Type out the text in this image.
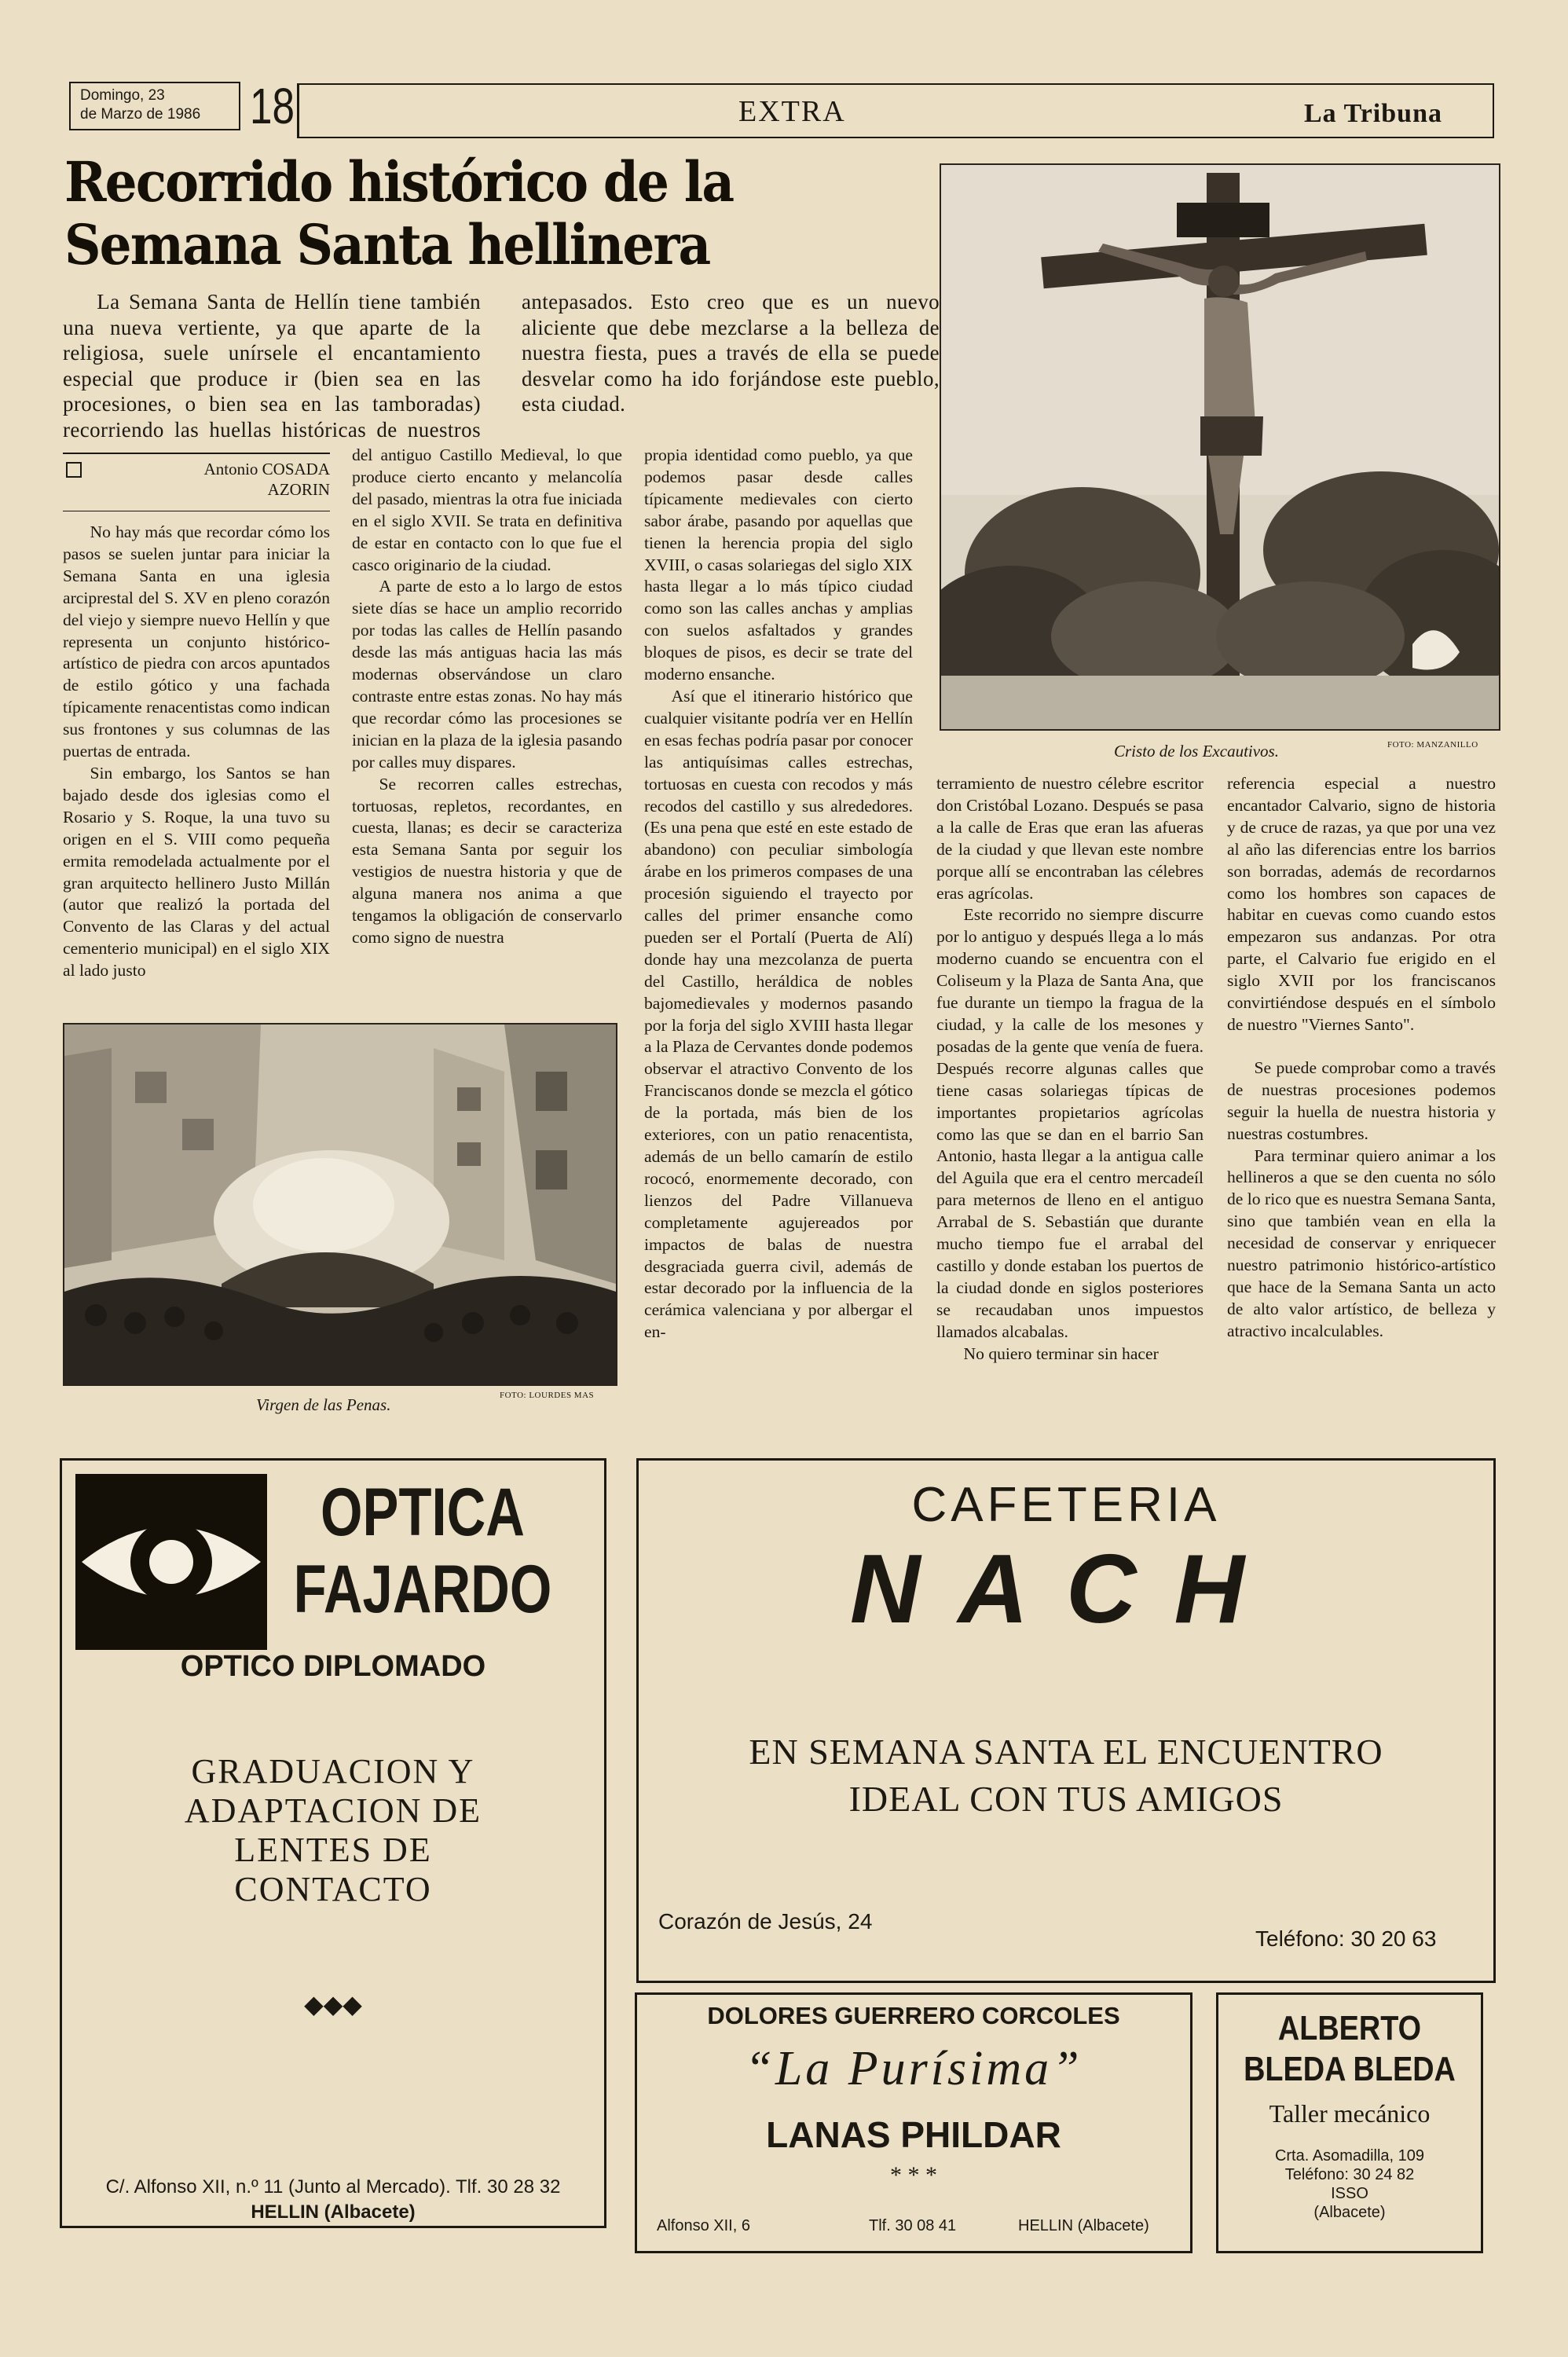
Domingo, 23
de Marzo de 1986 18	EXTRA	La Tribuna
Recorrido histórico de la
Semana Santa hellinera

La Semana Santa de Hellín tiene también una nueva vertiente, ya que aparte de la religiosa, suele unírsele el encantamiento especial que produce ir (bien sea en las procesiones, o bien sea en las tamboradas) recorriendo las huellas históricas de nuestros antepasados. Esto creo que es un nuevo aliciente que debe mezclarse a la belleza de nuestra fiesta, pues a través de ella se puede desvelar como ha ido forjándose este pueblo, esta ciudad.

Antonio COSADA
AZORIN

No hay más que recordar cómo los pasos se suelen juntar para iniciar la Semana Santa en una iglesia arciprestal del S. XV en pleno corazón del viejo y siempre nuevo Hellín y que representa un conjunto histórico-artístico de piedra con arcos apuntados de estilo gótico y una fachada típicamente renacentistas como indican sus frontones y sus columnas de las puertas de entrada.

Sin embargo, los Santos se han bajado desde dos iglesias como el Rosario y S. Roque, la una tuvo su origen en el S. VIII como pequeña ermita remodelada actualmente por el gran arquitecto hellinero Justo Millán (autor que realizó la portada del Convento de las Claras y del actual cementerio municipal) en el siglo XIX al lado justo

del antiguo Castillo Medieval, lo que produce cierto encanto y melancolía del pasado, mientras la otra fue iniciada en el siglo XVII. Se trata en definitiva de estar en contacto con lo que fue el casco originario de la ciudad.

A parte de esto a lo largo de estos siete días se hace un amplio recorrido por todas las calles de Hellín pasando desde las más antiguas hacia las más modernas observándose un claro contraste entre estas zonas. No hay más que recordar cómo las procesiones se inician en la plaza de la iglesia pasando por calles muy dispares.

Se recorren calles estrechas, tortuosas, repletos, recordantes, en cuesta, llanas; es decir se caracteriza esta Semana Santa por seguir los vestigios de nuestra historia y que de alguna manera nos anima a que tengamos la obligación de conservarlo como signo de nuestra

propia identidad como pueblo, ya que podemos pasar desde calles típicamente medievales con cierto sabor árabe, pasando por aquellas que tienen la herencia propia del siglo XVIII, o casas solariegas del siglo XIX hasta llegar a lo más típico ciudad como son las calles anchas y amplias con suelos asfaltados y grandes bloques de pisos, es decir se trate del moderno ensanche.

Así que el itinerario histórico que cualquier visitante podría ver en Hellín en esas fechas podría pasar por conocer las antiquísimas calles estrechas, tortuosas en cuesta con recodos y más recodos del castillo y sus alrededores. (Es una pena que esté en este estado de abandono) con peculiar simbología árabe en los primeros compases de una procesión siguiendo el trayecto por calles del primer ensanche como pueden ser el Portalí (Puerta de Alí) donde hay una mezcolanza de puerta del Castillo, heráldica de nobles bajomedievales y modernos pasando por la forja del siglo XVIII hasta llegar a la Plaza de Cervantes donde podemos observar el atractivo Convento de los Franciscanos donde se mezcla el gótico de la portada, más bien de los exteriores, con un patio renacentista, además de un bello camarín de estilo rococó, enormemente decorado, con lienzos del Padre Villanueva completamente agujereados por impactos de balas de nuestra desgraciada guerra civil, además de estar decorado por la influencia de la cerámica valenciana y por albergar el en-

Virgen de las Penas.	FOTO: LOURDES MAS
Cristo de los Excautivos.	FOTO: MANZANILLO

terramiento de nuestro célebre escritor don Cristóbal Lozano. Después se pasa a la calle de Eras que eran las afueras de la ciudad y que llevan este nombre porque allí se encontraban las célebres eras agrícolas.

Este recorrido no siempre discurre por lo antiguo y después llega a lo más moderno cuando se encuentra con el Coliseum y la Plaza de Santa Ana, que fue durante un tiempo la fragua de la ciudad, y la calle de los mesones y posadas de la gente que venía de fuera. Después recorre algunas calles que tiene casas solariegas típicas de importantes propietarios agrícolas como las que se dan en el barrio San Antonio, hasta llegar a la antigua calle del Aguila que era el centro mercadeíl para meternos de lleno en el antiguo Arrabal de S. Sebastián que durante mucho tiempo fue el arrabal del castillo y donde estaban los puertos de la ciudad donde en siglos posteriores se recaudaban unos impuestos llamados alcabalas.

No quiero terminar sin hacer

referencia especial a nuestro encantador Calvario, signo de historia y de cruce de razas, ya que por una vez al año las diferencias entre los barrios son borradas, además de recordarnos como los hombres son capaces de habitar en cuevas como cuando estos empezaron sus andanzas. Por otra parte, el Calvario fue erigido en el siglo XVII por los franciscanos convirtiéndose después en el símbolo de nuestro "Viernes Santo".

Se puede comprobar como a través de nuestras procesiones podemos seguir la huella de nuestra historia y nuestras costumbres.

Para terminar quiero animar a los hellineros a que se den cuenta no sólo de lo rico que es nuestra Semana Santa, sino que también vean en ella la necesidad de conservar y enriquecer nuestro patrimonio histórico-artístico que hace de la Semana Santa un acto de alto valor artístico, de belleza y atractivo incalculables.

OPTICA
FAJARDO
OPTICO DIPLOMADO
GRADUACION Y
ADAPTACION DE
LENTES DE
CONTACTO
◆◆◆
C/. Alfonso XII, n.º 11 (Junto al Mercado). Tlf. 30 28 32
HELLIN (Albacete)
CAFETERIA
NACH
EN SEMANA SANTA EL ENCUENTRO
IDEAL CON TUS AMIGOS
Corazón de Jesús, 24
Teléfono: 30 20 63
DOLORES GUERRERO CORCOLES
“La Purísima”
LANAS PHILDAR
* * *
Alfonso XII, 6	Tlf. 30 08 41	HELLIN (Albacete)
ALBERTO
BLEDA BLEDA
Taller mecánico
Crta. Asomadilla, 109
Teléfono: 30 24 82
ISSO
(Albacete)
